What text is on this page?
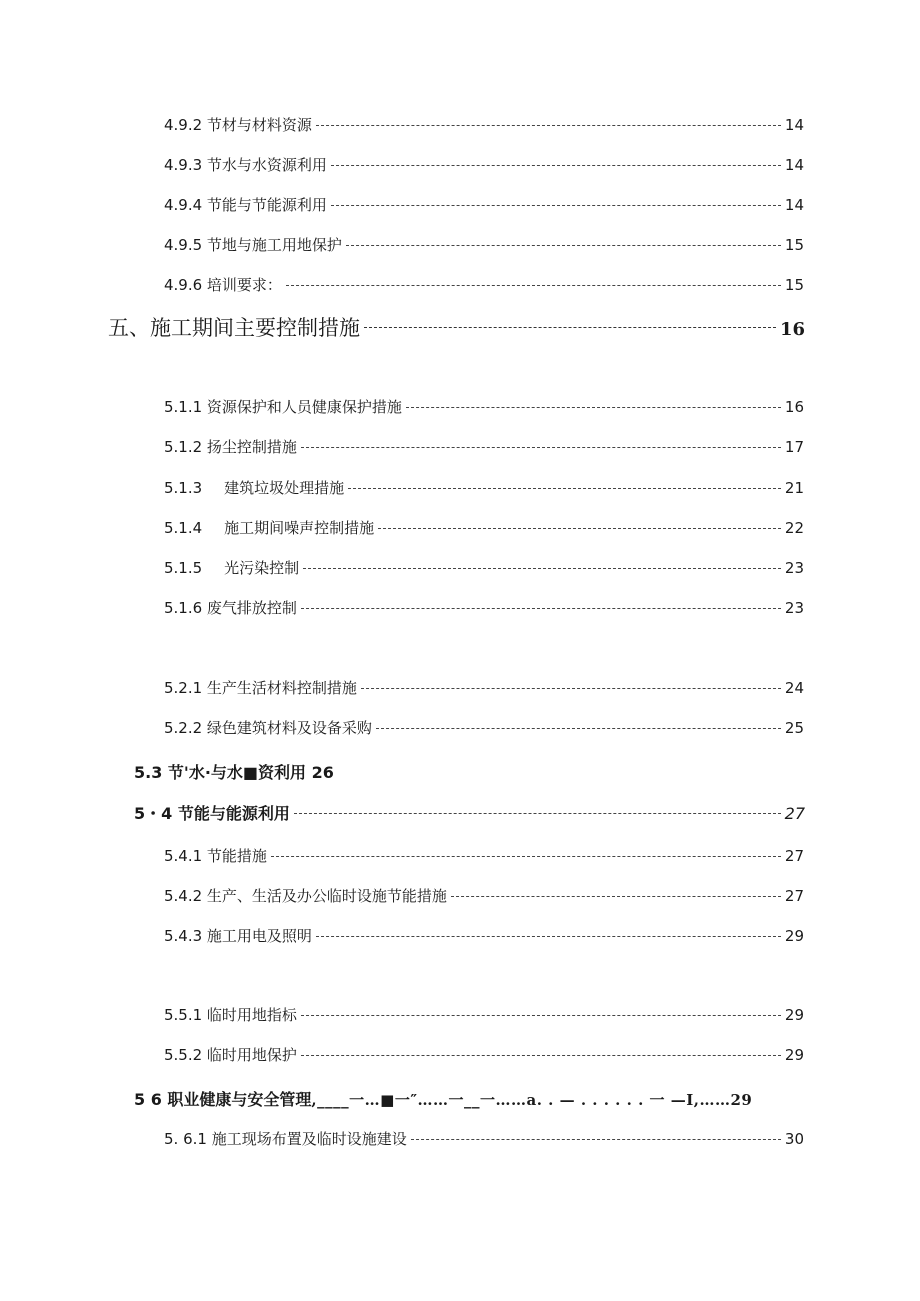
4.9.2 节材与材料资源	14
4.9.3 节水与水资源利用	14
4.9.4 节能与节能源利用	14
4.9.5 节地与施工用地保护	15
4.9.6 培训要求：	15
五、施工期间主要控制措施	16
5.1.1 资源保护和人员健康保护措施	16
5.1.2 扬尘控制措施	17
5.1.3 建筑垃圾处理措施	21
5.1.4 施工期间噪声控制措施	22
5.1.5 光污染控制	23
5.1.6 废气排放控制	23
5.2.1 生产生活材料控制措施	24
5.2.2 绿色建筑材料及设备采购	25
5.3 节'水·与水■资利用 26
5・4 节能与能源利用	27
5.4.1 节能措施	27
5.4.2 生产、生活及办公临时设施节能措施	27
5.4.3 施工用电及照明	29
5.5.1 临时用地指标	29
5.5.2 临时用地保护	29
5 6 职业健康与安全管理 ,____一…■一″……一__一……a. . — . . . . . . 一 —I,……29
5. 6.1 施工现场布置及临时设施建设	30
